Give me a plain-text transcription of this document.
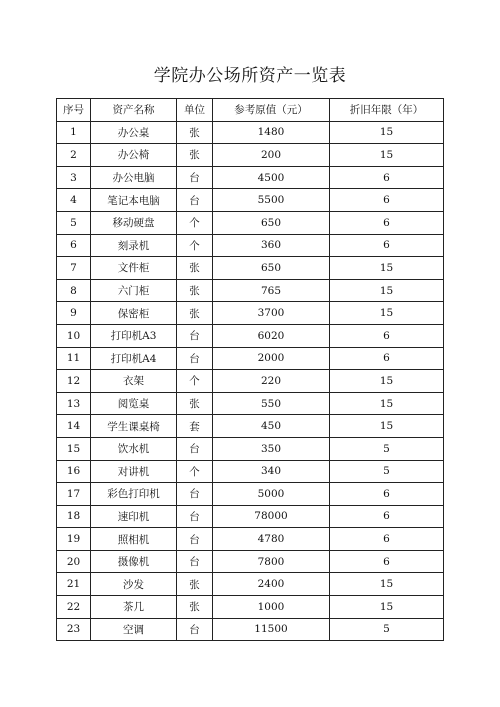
学院办公场所资产一览表
序号	资产名称	单位	参考原值（元）	折旧年限（年）
1	办公桌	张	1480	15
2	办公椅	张	200	15
3	办公电脑	台	4500	6
4	笔记本电脑	台	5500	6
5	移动硬盘	个	650	6
6	刻录机	个	360	6
7	文件柜	张	650	15
8	六门柜	张	765	15
9	保密柜	张	3700	15
10	打印机A3	台	6020	6
11	打印机A4	台	2000	6
12	衣架	个	220	15
13	阅览桌	张	550	15
14	学生课桌椅	套	450	15
15	饮水机	台	350	5
16	对讲机	个	340	5
17	彩色打印机	台	5000	6
18	速印机	台	78000	6
19	照相机	台	4780	6
20	摄像机	台	7800	6
21	沙发	张	2400	15
22	茶几	张	1000	15
23	空调	台	11500	5
